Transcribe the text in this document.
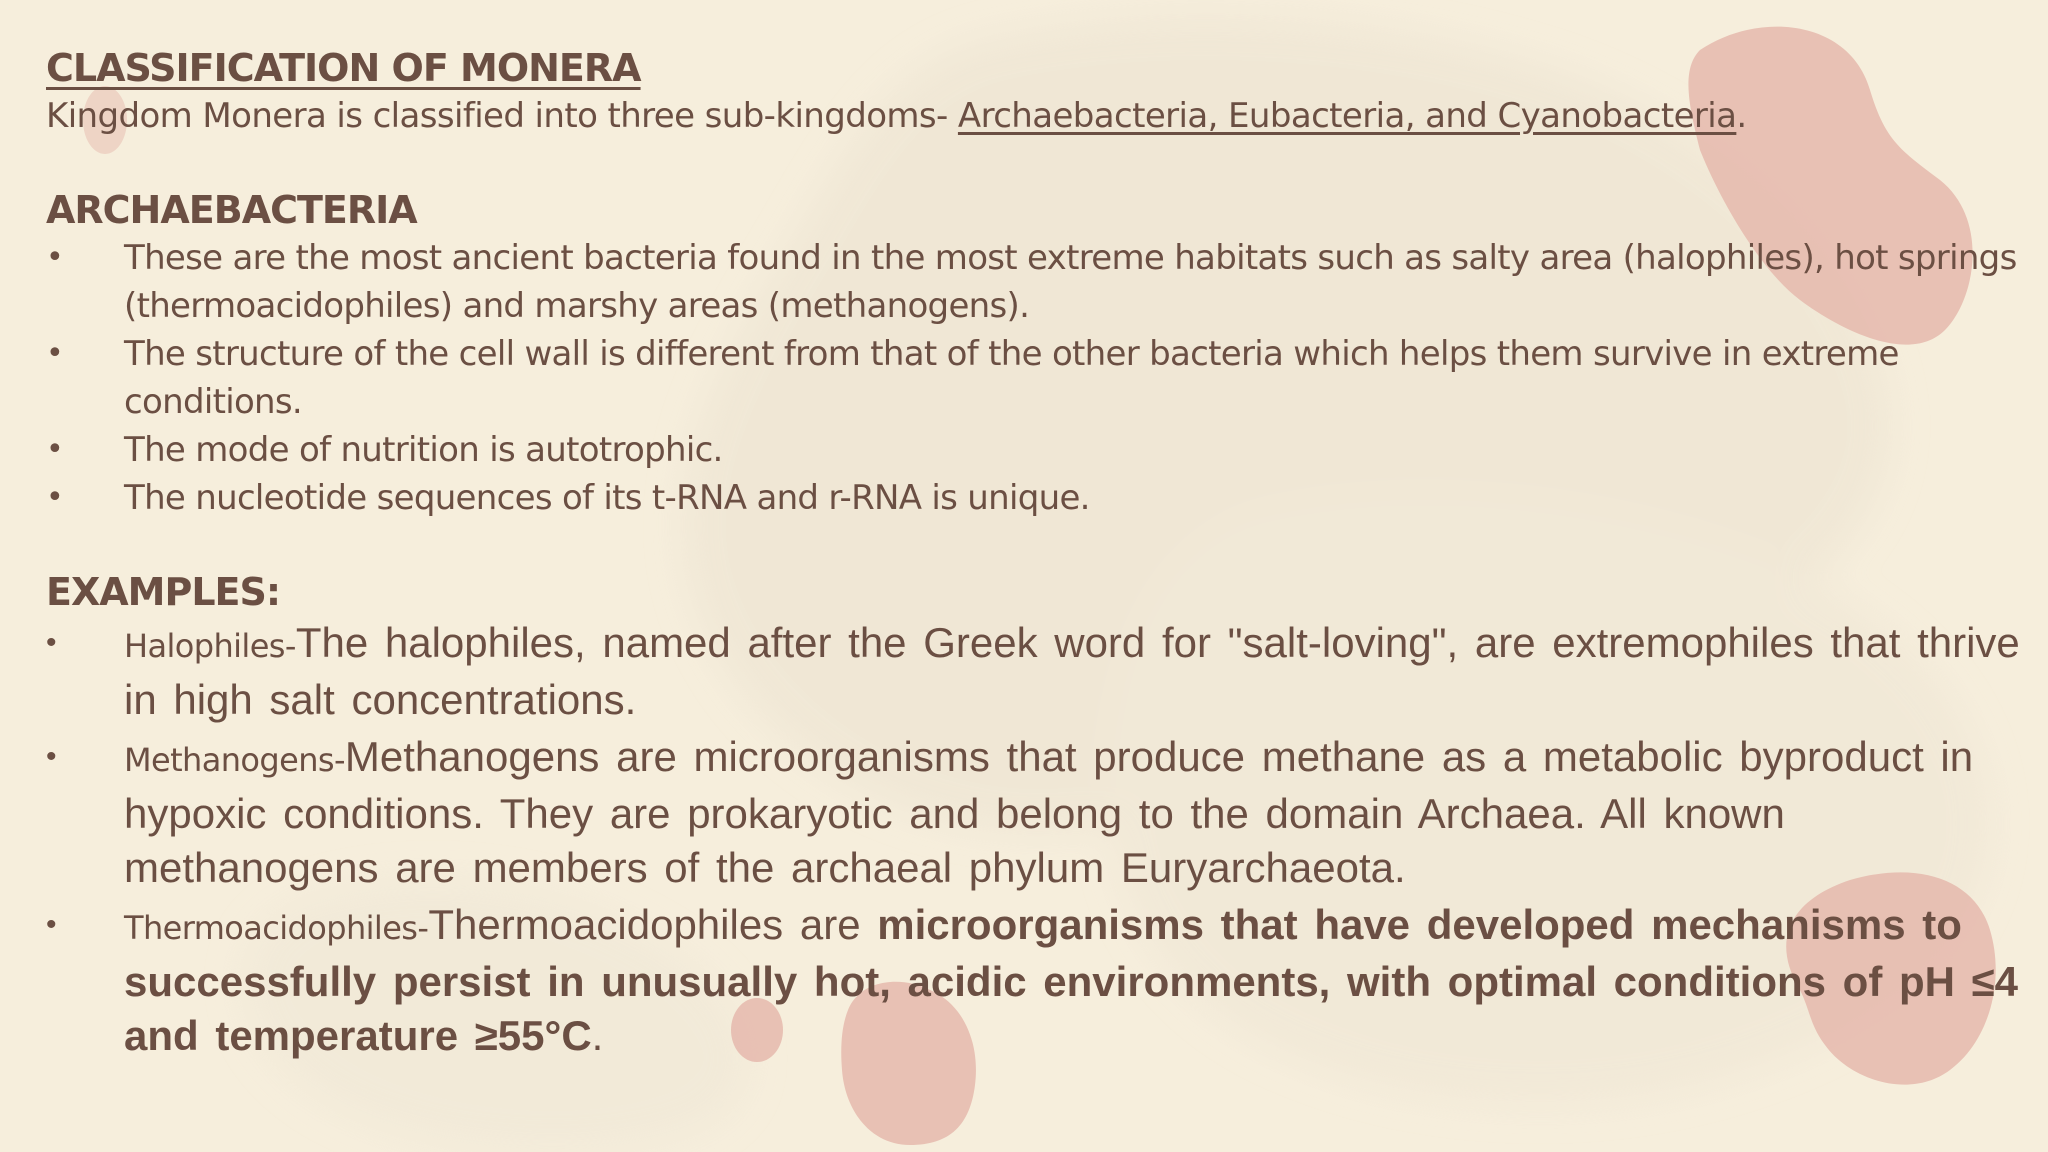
CLASSIFICATION OF MONERA

Kingdom Monera is classified into three sub-kingdoms- Archaebacteria, Eubacteria, and Cyanobacteria.

ARCHAEBACTERIA
• These are the most ancient bacteria found in the most extreme habitats such as salty area (halophiles), hot springs (thermoacidophiles) and marshy areas (methanogens).
• The structure of the cell wall is different from that of the other bacteria which helps them survive in extreme conditions.
• The mode of nutrition is autotrophic.
• The nucleotide sequences of its t-RNA and r-RNA is unique.
EXAMPLES:
• Halophiles-The halophiles, named after the Greek word for "salt-loving", are extremophiles that thrive in high salt concentrations.
• Methanogens-Methanogens are microorganisms that produce methane as a metabolic byproduct in hypoxic conditions. They are prokaryotic and belong to the domain Archaea. All known methanogens are members of the archaeal phylum Euryarchaeota.
• Thermoacidophiles-Thermoacidophiles are microorganisms that have developed mechanisms to successfully persist in unusually hot, acidic environments, with optimal conditions of pH ≤4 and temperature ≥55°C.
